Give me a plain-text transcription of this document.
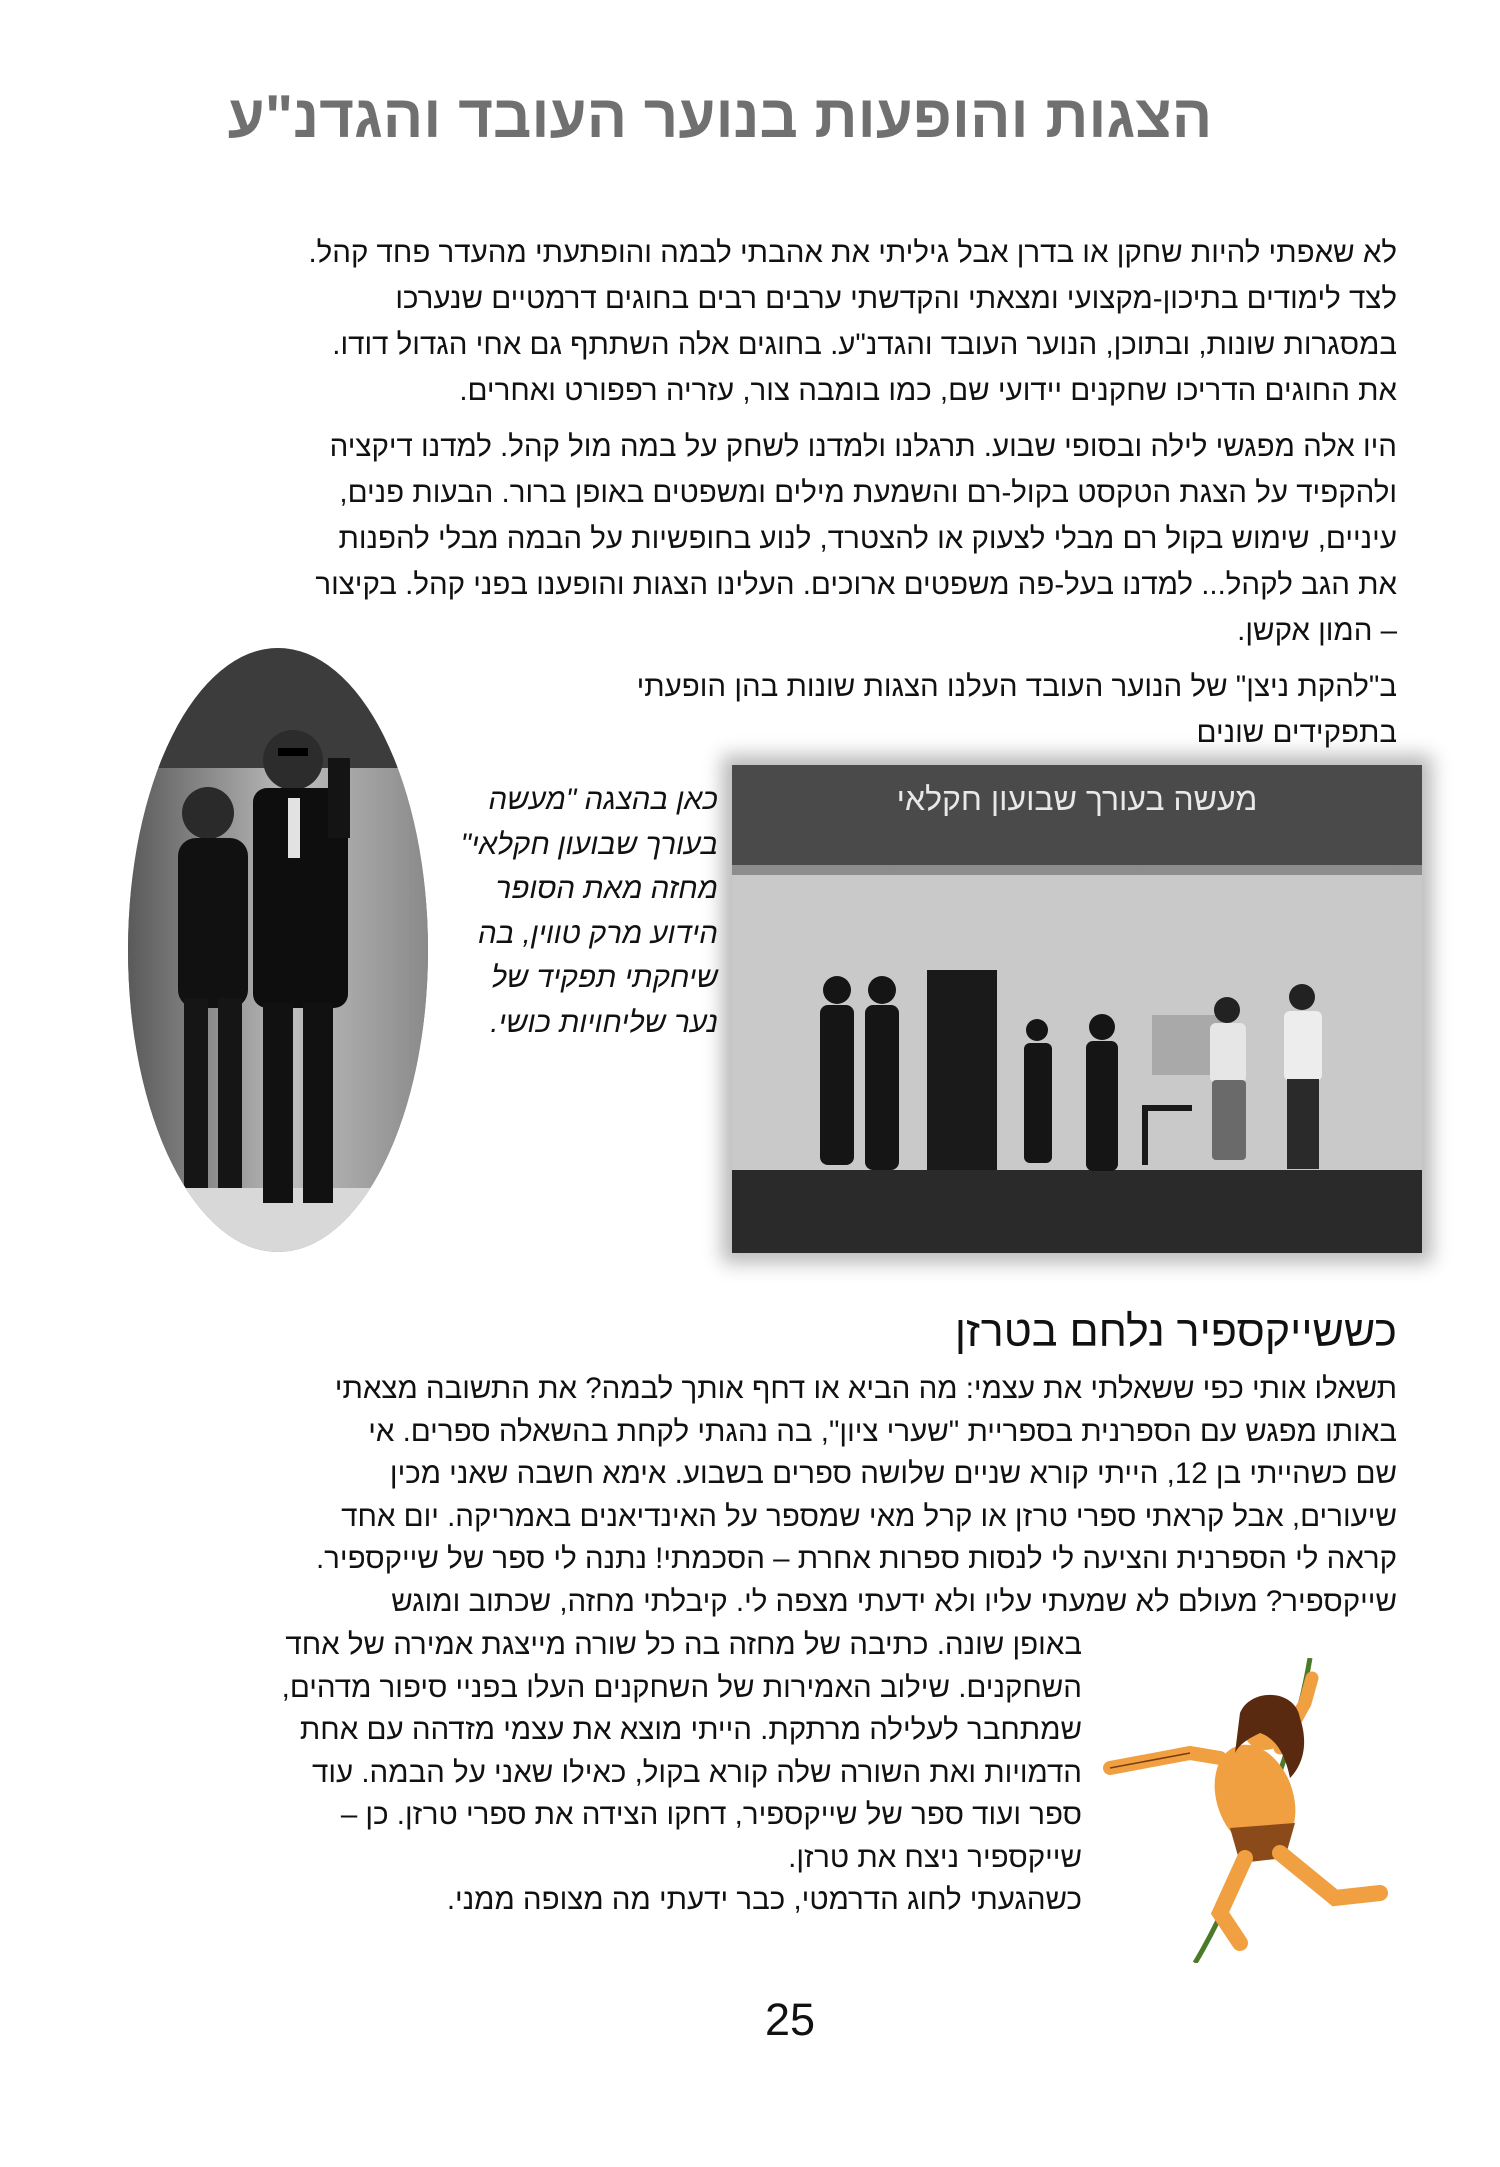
הצגות והופעות בנוער העובד והגדנ"ע
לא שאפתי להיות שחקן או בדרן אבל גיליתי את אהבתי לבמה והופתעתי מהעדר פחד קהל.
לצד לימודים בתיכון-מקצועי ומצאתי והקדשתי ערבים רבים בחוגים דרמטיים שנערכו
במסגרות שונות, ובתוכן, הנוער העובד והגדנ"ע. בחוגים אלה השתתף גם אחי הגדול דודו.
את החוגים הדריכו שחקנים יידועי שם, כמו בומבה צור, עזריה רפפורט ואחרים.
היו אלה מפגשי לילה ובסופי שבוע. תרגלנו ולמדנו לשחק על במה מול קהל. למדנו דיקציה
ולהקפיד על הצגת הטקסט בקול-רם והשמעת מילים ומשפטים באופן ברור. הבעות פנים,
עיניים, שימוש בקול רם מבלי לצעוק או להצטרד, לנוע בחופשיות על הבמה מבלי להפנות
את הגב לקהל... למדנו בעל-פה משפטים ארוכים. העלינו הצגות והופענו בפני קהל. בקיצור
– המון אקשן.
ב"להקת ניצן" של הנוער העובד העלנו הצגות שונות בהן הופעתי
בתפקידים שונים
כאן בהצגה "מעשה
בעורך שבועון חקלאי"
מחזה מאת הסופר
הידוע מרק טווין, בה
שיחקתי תפקיד של
נער שליחויות כושי.
מעשה בעורך שבועון חקלאי
כששייקספיר נלחם בטרזן
תשאלו אותי כפי ששאלתי את עצמי: מה הביא או דחף אותך לבמה? את התשובה מצאתי
באותו מפגש עם הספרנית בספריית "שערי ציון", בה נהגתי לקחת בהשאלה ספרים. אי
שם כשהייתי בן 12, הייתי קורא שניים שלושה ספרים בשבוע. אימא חשבה שאני מכין
שיעורים, אבל קראתי ספרי טרזן או קרל מאי שמספר על האינדיאנים באמריקה. יום אחד
קראה לי הספרנית והציעה לי לנסות ספרות אחרת – הסכמתי! נתנה לי ספר של שייקספיר.
שייקספיר? מעולם לא שמעתי עליו ולא ידעתי מצפה לי. קיבלתי מחזה, שכתוב ומוגש
באופן שונה. כתיבה של מחזה בה כל שורה מייצגת אמירה של אחד
השחקנים. שילוב האמירות של השחקנים העלו בפניי סיפור מדהים,
שמתחבר לעלילה מרתקת. הייתי מוצא את עצמי מזדהה עם אחת
הדמויות ואת השורה שלה קורא בקול, כאילו שאני על הבמה. עוד
ספר ועוד ספר של שייקספיר, דחקו הצידה את ספרי טרזן. כן –
שייקספיר ניצח את טרזן.
כשהגעתי לחוג הדרמטי, כבר ידעתי מה מצופה ממני.
25
